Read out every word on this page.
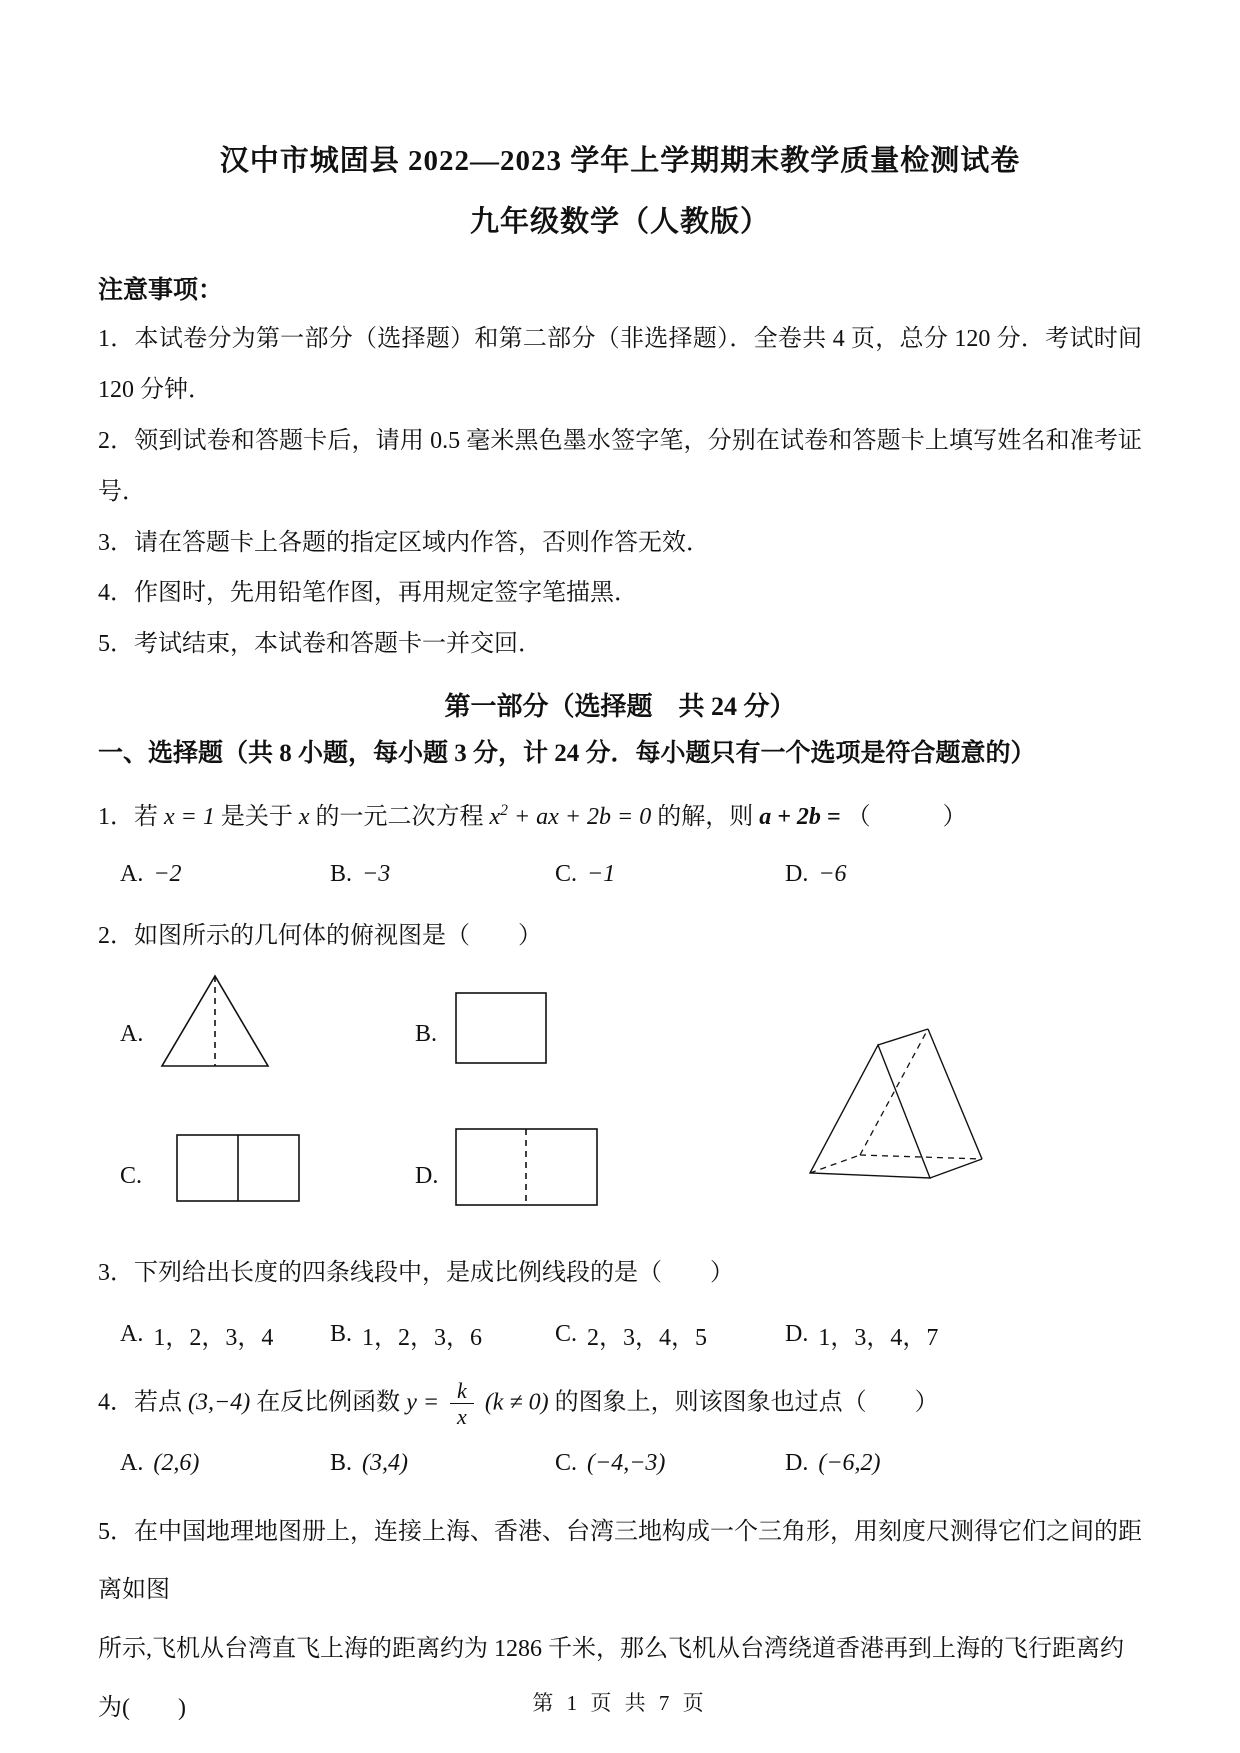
汉中市城固县 2022—2023 学年上学期期末教学质量检测试卷
九年级数学（人教版）

注意事项：

1．本试卷分为第一部分（选择题）和第二部分（非选择题）．全卷共 4 页，总分 120 分．考试时间 120 分钟．

2．领到试卷和答题卡后，请用 0.5 毫米黑色墨水签字笔，分别在试卷和答题卡上填写姓名和准考证号．

3．请在答题卡上各题的指定区域内作答，否则作答无效．

4．作图时，先用铅笔作图，再用规定签字笔描黑．

5．考试结束，本试卷和答题卡一并交回．

第一部分（选择题　共 24 分）

一、选择题（共 8 小题，每小题 3 分，计 24 分．每小题只有一个选项是符合题意的）

1．若 x = 1 是关于 x 的一元二次方程 $x^2$ + ax + 2b = 0 的解，则 a + 2b = （　　　）

A. −2	B. −3	C. −1	D. −6

2．如图所示的几何体的俯视图是（　　）

A.	B.
C.	D.

3．下列给出长度的四条线段中，是成比例线段的是（　　）

A. 1，2，3，4 B. 1，2，3，6	C. 2，3，4，5	D. 1，3，4，7

4．若点 (3,−4) 在反比例函数 $y = \frac{k}{x} (k \ne 0)$ 的图象上，则该图象也过点（　　）

A. (2,6)	B. (3,4)	C. (−4,−3)	D. (−6,2)

5．在中国地理地图册上，连接上海、香港、台湾三地构成一个三角形，用刻度尺测得它们之间的距离如图

所示,飞机从台湾直飞上海的距离约为 1286 千米，那么飞机从台湾绕道香港再到上海的飞行距离约为(　　)	第 1 页 共 7 页
